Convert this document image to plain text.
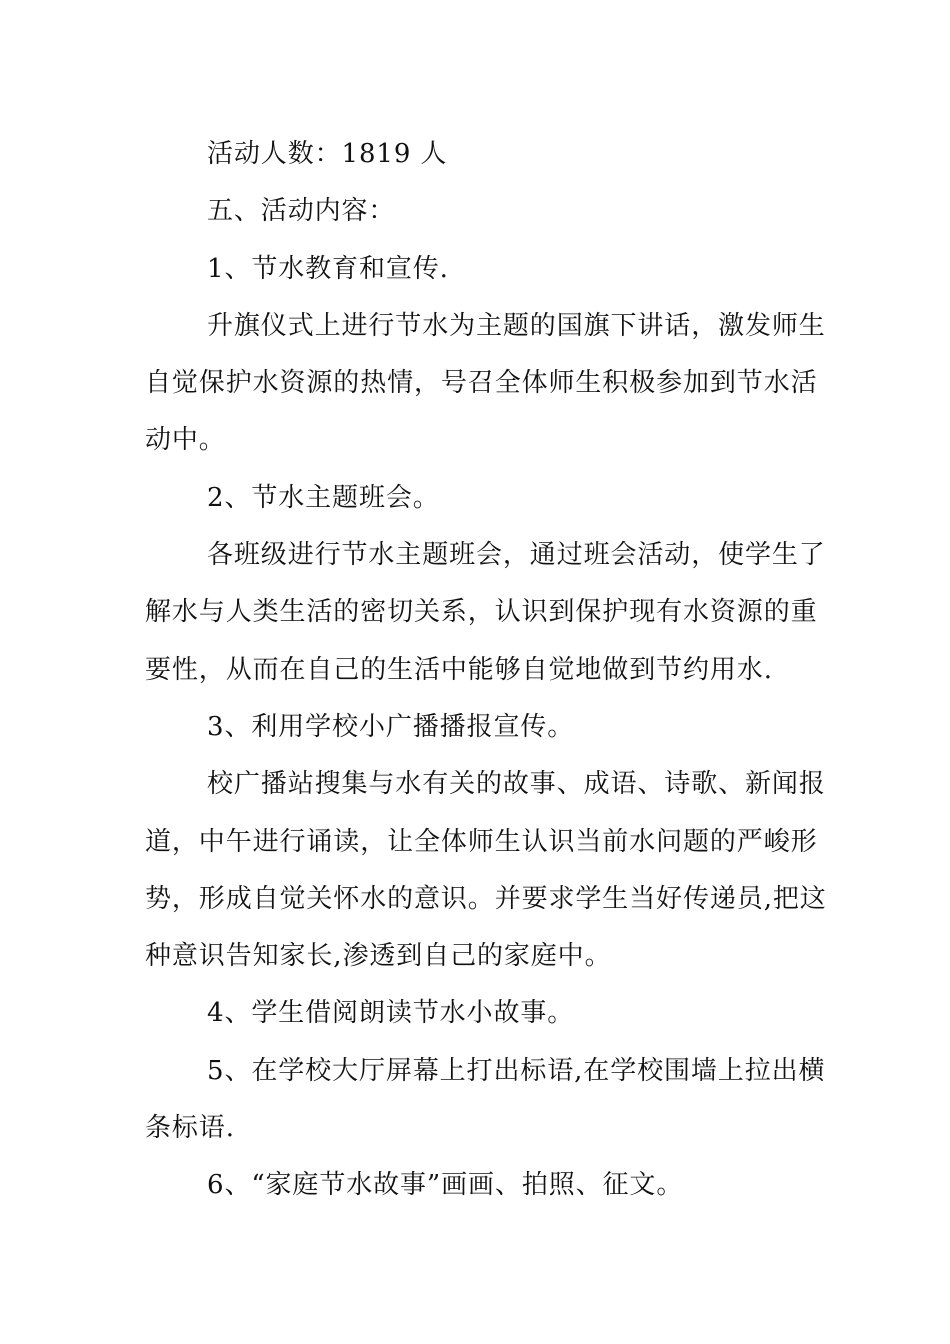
活动人数：1819 人

五、活动内容：

1、节水教育和宣传.

升旗仪式上进行节水为主题的国旗下讲话，激发师生
自觉保护水资源的热情，号召全体师生积极参加到节水活
动中。

2、节水主题班会。

各班级进行节水主题班会，通过班会活动，使学生了
解水与人类生活的密切关系，认识到保护现有水资源的重
要性，从而在自己的生活中能够自觉地做到节约用水.

3、利用学校小广播播报宣传。

校广播站搜集与水有关的故事、成语、诗歌、新闻报
道，中午进行诵读，让全体师生认识当前水问题的严峻形
势，形成自觉关怀水的意识。并要求学生当好传递员,把这
种意识告知家长,渗透到自己的家庭中。

4、学生借阅朗读节水小故事。

5、在学校大厅屏幕上打出标语,在学校围墙上拉出横
条标语.

6、“家庭节水故事”画画、拍照、征文。
